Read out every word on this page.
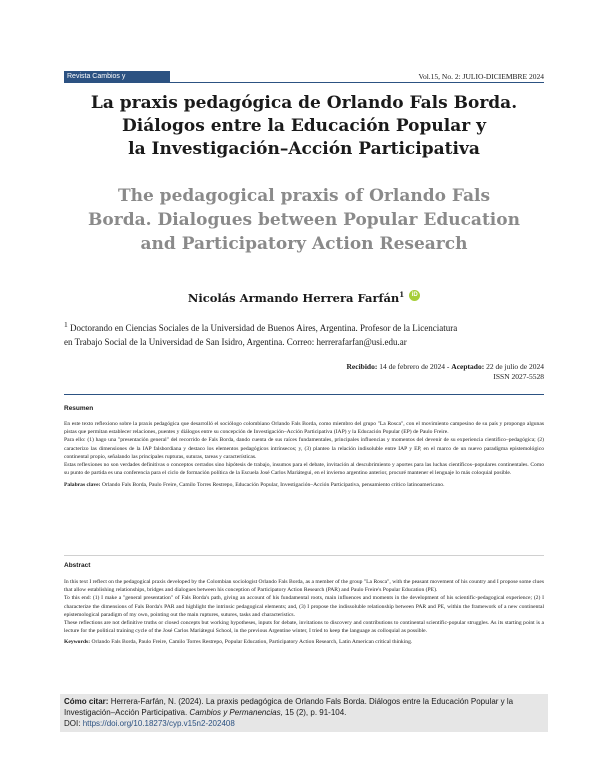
Revista Cambios y Permanencias
Vol.15, No. 2: JULIO-DICIEMBRE 2024
La praxis pedagógica de Orlando Fals Borda.
Diálogos entre la Educación Popular y
la Investigación–Acción Participativa
The pedagogical praxis of Orlando Fals
Borda. Dialogues between Popular Education
and Participatory Action Research
Nicolás Armando Herrera Farfán$^1$ iD
$^1$ Doctorando en Ciencias Sociales de la Universidad de Buenos Aires, Argentina. Profesor de la Licenciatura
en Trabajo Social de la Universidad de San Isidro, Argentina. Correo: herrerafarfan@usi.edu.ar
Recibido: 14 de febrero de 2024 - Aceptado: 22 de julio de 2024
ISSN 2027-5528
Resumen

En este texto reflexiono sobre la praxis pedagógica que desarrolló el sociólogo colombiano Orlando Fals Borda, como miembro del grupo "La Rosca", con el movimiento campesino de su país y propongo algunas pistas que permitan establecer relaciones, puentes y diálogos entre su concepción de Investigación–Acción Participativa (IAP) y la Educación Popular (EP) de Paulo Freire.

Para ello: (1) hago una "presentación general" del recorrido de Fals Borda, dando cuenta de sus raíces fundamentales, principales influencias y momentos del devenir de su experiencia científico–pedagógica; (2) caracterizo las dimensiones de la IAP falsbordiana y destaco los elementos pedagógicos intrínsecos; y, (3) planteo la relación indisoluble entre IAP y EP, en el marco de un nuevo paradigma epistemológico continental propio, señalando las principales rupturas, suturas, tareas y características.

Estas reflexiones no son verdades definitivas o conceptos cerrados sino hipótesis de trabajo, insumos para el debate, invitación al descubrimiento y aportes para las luchas científicos–populares continentales. Como su punto de partida es una conferencia para el ciclo de formación política de la Escuela José Carlos Mariátegui, en el invierno argentino anterior, procuré mantener el lenguaje lo más coloquial posible.

Palabras clave: Orlando Fals Borda, Paulo Freire, Camilo Torres Restrepo, Educación Popular, Investigación–Acción Participativa, pensamiento crítico latinoamericano.

Abstract

In this text I reflect on the pedagogical praxis developed by the Colombian sociologist Orlando Fals Borda, as a member of the group "La Rosca", with the peasant movement of his country and I propose some clues that allow establishing relationships, bridges and dialogues between his conception of Participatory Action Research (PAR) and Paulo Freire's Popular Education (PE).

To this end: (1) I make a "general presentation" of Fals Borda's path, giving an account of his fundamental roots, main influences and moments in the development of his scientific-pedagogical experience; (2) I characterize the dimensions of Fals Borda's PAR and highlight the intrinsic pedagogical elements; and, (3) I propose the indissoluble relationship between PAR and PE, within the framework of a new continental epistemological paradigm of my own, pointing out the main ruptures, sutures, tasks and characteristics.

These reflections are not definitive truths or closed concepts but working hypotheses, inputs for debate, invitations to discovery and contributions to continental scientific-popular struggles. As its starting point is a lecture for the political training cycle of the José Carlos Mariátegui School, in the previous Argentine winter, I tried to keep the language as colloquial as possible.

Keywords: Orlando Fals Borda, Paulo Freire, Camilo Torres Restrepo, Popular Education, Participatory Action Research, Latin American critical thinking.

Cómo citar: Herrera-Farfán, N. (2024). La praxis pedagógica de Orlando Fals Borda. Diálogos entre la Educación Popular y la Investigación–Acción Participativa. Cambios y Permanencias, 15 (2), p. 91-104.
DOI: https://doi.org/10.18273/cyp.v15n2-202408
